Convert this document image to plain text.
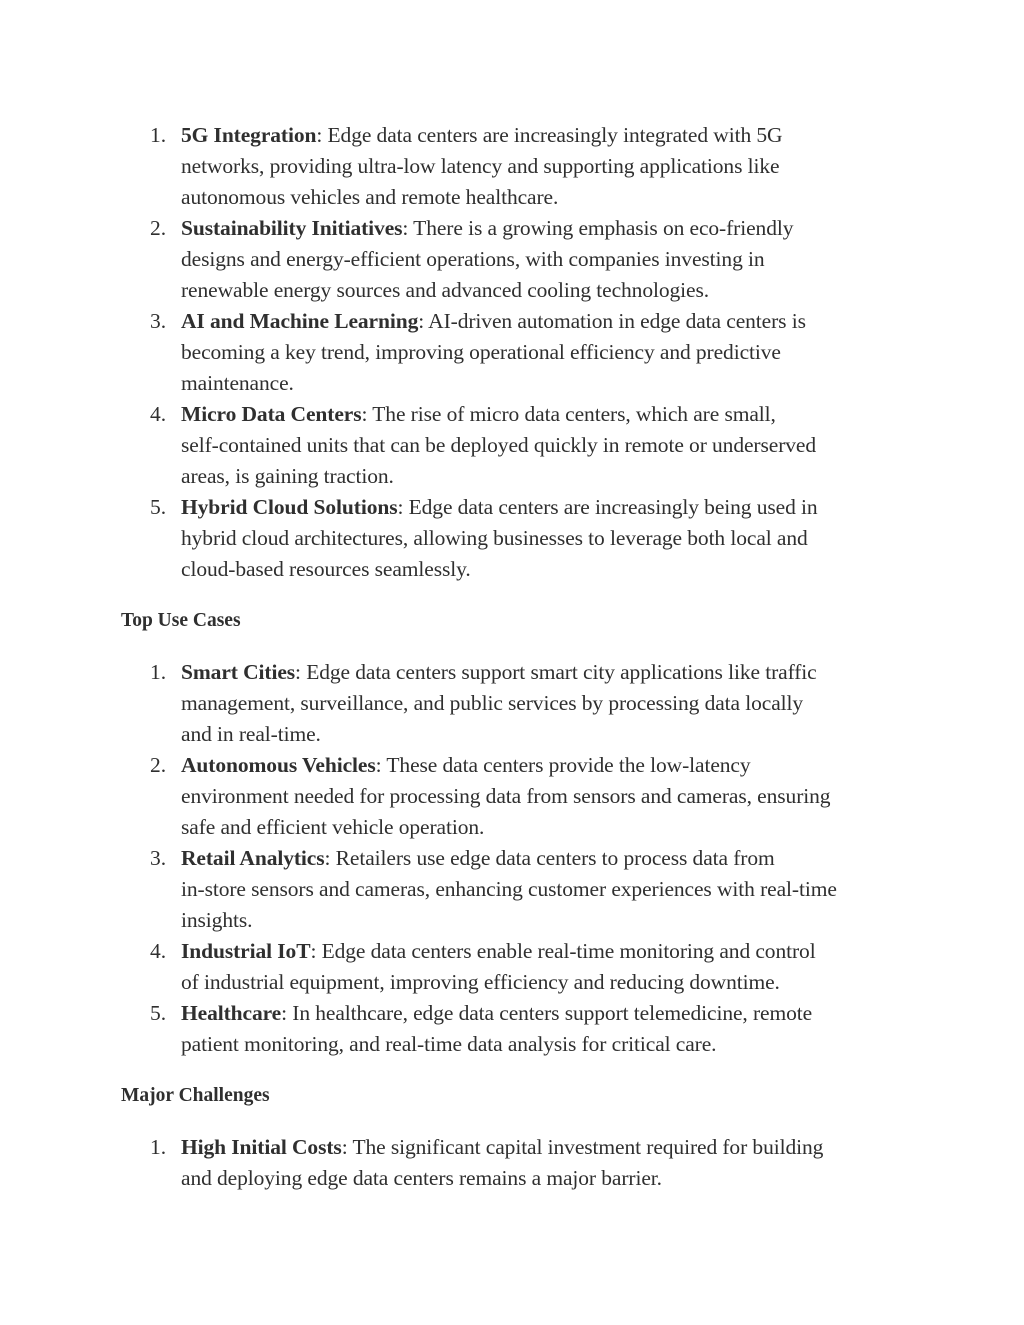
1. 5G Integration: Edge data centers are increasingly integrated with 5G
networks, providing ultra-low latency and supporting applications like
autonomous vehicles and remote healthcare.
2. Sustainability Initiatives: There is a growing emphasis on eco-friendly
designs and energy-efficient operations, with companies investing in
renewable energy sources and advanced cooling technologies.
3. AI and Machine Learning: AI-driven automation in edge data centers is
becoming a key trend, improving operational efficiency and predictive
maintenance.
4. Micro Data Centers: The rise of micro data centers, which are small,
self-contained units that can be deployed quickly in remote or underserved
areas, is gaining traction.
5. Hybrid Cloud Solutions: Edge data centers are increasingly being used in
hybrid cloud architectures, allowing businesses to leverage both local and
cloud-based resources seamlessly.
Top Use Cases
1. Smart Cities: Edge data centers support smart city applications like traffic
management, surveillance, and public services by processing data locally
and in real-time.
2. Autonomous Vehicles: These data centers provide the low-latency
environment needed for processing data from sensors and cameras, ensuring
safe and efficient vehicle operation.
3. Retail Analytics: Retailers use edge data centers to process data from
in-store sensors and cameras, enhancing customer experiences with real-time
insights.
4. Industrial IoT: Edge data centers enable real-time monitoring and control
of industrial equipment, improving efficiency and reducing downtime.
5. Healthcare: In healthcare, edge data centers support telemedicine, remote
patient monitoring, and real-time data analysis for critical care.
Major Challenges
1. High Initial Costs: The significant capital investment required for building
and deploying edge data centers remains a major barrier.
